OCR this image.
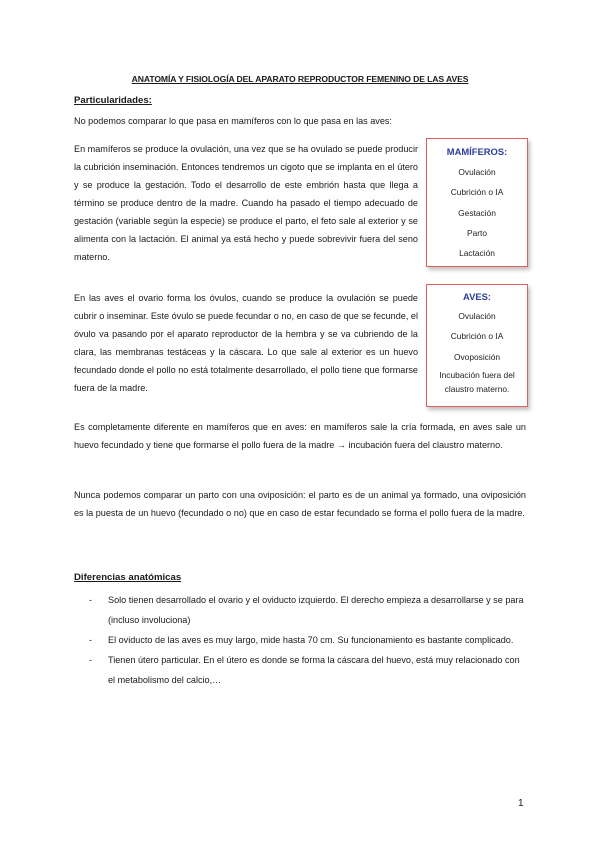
ANATOMÍA Y FISIOLOGÍA DEL APARATO REPRODUCTOR FEMENINO DE LAS AVES
Particularidades:

No podemos comparar lo que pasa en mamíferos con lo que pasa en las aves:

En mamíferos se produce la ovulación, una vez que se ha ovulado se puede producir la cubrición inseminación. Entonces tendremos un cigoto que se implanta en el útero y se produce la gestación. Todo el desarrollo de este embrión hasta que llega a término se produce dentro de la madre. Cuando ha pasado el tiempo adecuado de gestación (variable según la especie) se produce el parto, el feto sale al exterior y se alimenta con la lactación. El animal ya está hecho y puede sobrevivir fuera del seno materno.

MAMÍFEROS:
Ovulación
Cubrición o IA
Gestación
Parto
Lactación

En las aves el ovario forma los óvulos, cuando se produce la ovulación se puede cubrir o inseminar. Este óvulo se puede fecundar o no, en caso de que se fecunde, el óvulo va pasando por el aparato reproductor de la hembra y se va cubriendo de la clara, las membranas testáceas y la cáscara. Lo que sale al exterior es un huevo fecundado donde el pollo no está totalmente desarrollado, el pollo tiene que formarse fuera de la madre.

AVES:
Ovulación
Cubrición o IA
Ovoposición
Incubación fuera del
claustro materno.

Es completamente diferente en mamíferos que en aves: en mamíferos sale la cría formada, en aves sale un huevo fecundado y tiene que formarse el pollo fuera de la madre → incubación fuera del claustro materno.

Nunca podemos comparar un parto con una oviposición: el parto es de un animal ya formado, una oviposición es la puesta de un huevo (fecundado o no) que en caso de estar fecundado se forma el pollo fuera de la madre.

Diferencias anatómicas
- Solo tienen desarrollado el ovario y el oviducto izquierdo. El derecho empieza a desarrollarse y se para (incluso involuciona)
- El oviducto de las aves es muy largo, mide hasta 70 cm. Su funcionamiento es bastante complicado.
- Tienen útero particular. En el útero es donde se forma la cáscara del huevo, está muy relacionado con el metabolismo del calcio,…
1
